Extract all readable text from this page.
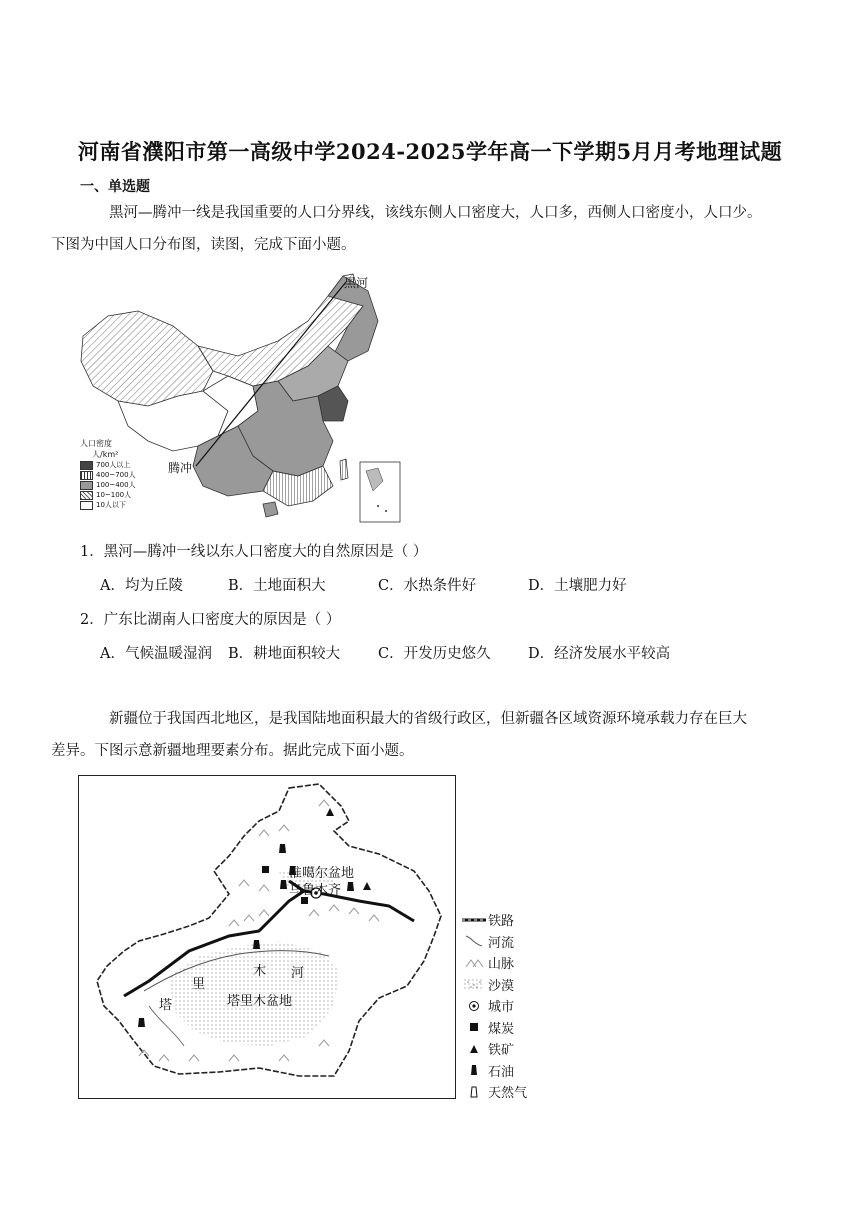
河南省濮阳市第一高级中学2024-2025学年高一下学期5月月考地理试题
一、单选题
黑河—腾冲一线是我国重要的人口分界线，该线东侧人口密度大，人口多，西侧人口密度小，人口少。
下图为中国人口分布图，读图，完成下面小题。
黑河
腾冲
人口密度
人/km²
700人以上
400~700人
100~400人
10~100人
10人以下
1．黑河—腾冲一线以东人口密度大的自然原因是（ ）
A．均为丘陵	B．土地面积大	C．水热条件好	D．土壤肥力好
2．广东比湖南人口密度大的原因是（ ）
A．气候温暖湿润	B．耕地面积较大	C．开发历史悠久	D．经济发展水平较高
新疆位于我国西北地区，是我国陆地面积最大的省级行政区，但新疆各区域资源环境承载力存在巨大
差异。下图示意新疆地理要素分布。据此完成下面小题。
准噶尔盆地
乌鲁木齐
塔里木盆地
塔
里
木 河
铁路
河流
山脉
沙漠
城市
煤炭
铁矿
石油
天然气
